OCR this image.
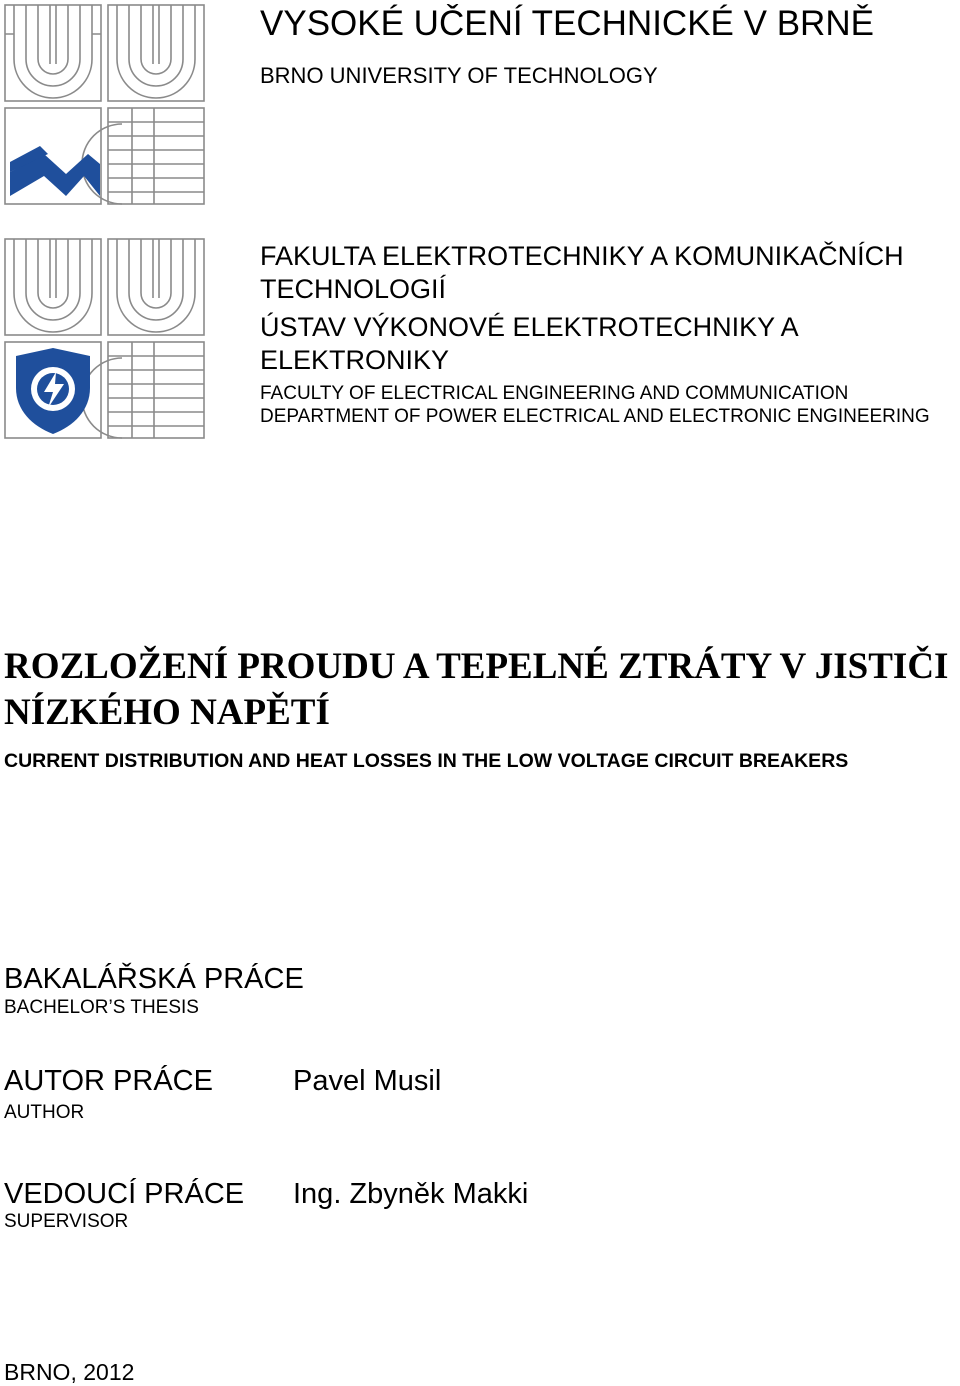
VYSOKÉ UČENÍ TECHNICKÉ V BRNĚ
BRNO UNIVERSITY OF TECHNOLOGY
FAKULTA ELEKTROTECHNIKY A KOMUNIKAČNÍCH TECHNOLOGIÍ
ÚSTAV VÝKONOVÉ ELEKTROTECHNIKY A ELEKTRONIKY
FACULTY OF ELECTRICAL ENGINEERING AND COMMUNICATION
DEPARTMENT OF POWER ELECTRICAL AND ELECTRONIC ENGINEERING
ROZLOŽENÍ PROUDU A TEPELNÉ ZTRÁTY V JISTIČI NÍZKÉHO NAPĚTÍ
CURRENT DISTRIBUTION AND HEAT LOSSES IN THE LOW VOLTAGE CIRCUIT BREAKERS
BAKALÁŘSKÁ PRÁCE
BACHELOR’S THESIS
AUTOR PRÁCE
AUTHOR
Pavel Musil
VEDOUCÍ PRÁCE
SUPERVISOR
Ing. Zbyněk Makki
BRNO, 2012
